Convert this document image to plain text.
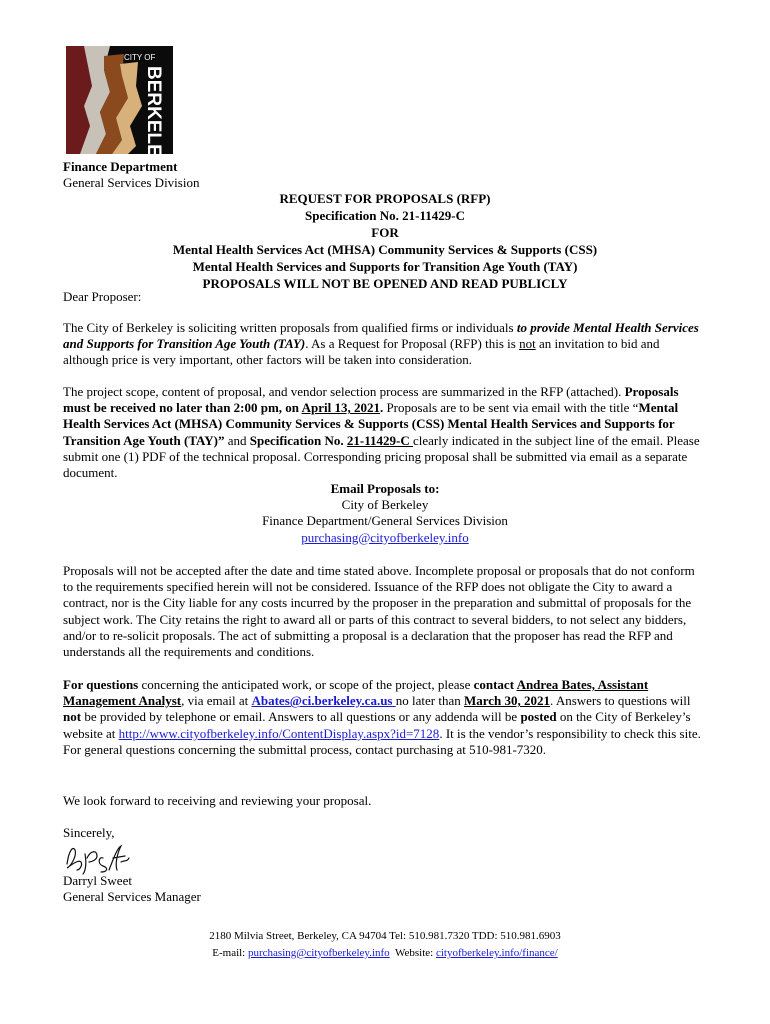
CITY OF
BERKELEY
Finance Department
General Services Division
REQUEST FOR PROPOSALS (RFP)
Specification No. 21-11429-C
FOR
Mental Health Services Act (MHSA) Community Services & Supports (CSS)
Mental Health Services and Supports for Transition Age Youth (TAY)
PROPOSALS WILL NOT BE OPENED AND READ PUBLICLY
Dear Proposer:
The City of Berkeley is soliciting written proposals from qualified firms or individuals to provide Mental Health Services and Supports for Transition Age Youth (TAY). As a Request for Proposal (RFP) this is not an invitation to bid and although price is very important, other factors will be taken into consideration.
The project scope, content of proposal, and vendor selection process are summarized in the RFP (attached). Proposals must be received no later than 2:00 pm, on April 13, 2021. Proposals are to be sent via email with the title “Mental Health Services Act (MHSA) Community Services & Supports (CSS) Mental Health Services and Supports for Transition Age Youth (TAY)” and Specification No. 21-11429-C clearly indicated in the subject line of the email. Please submit one (1) PDF of the technical proposal. Corresponding pricing proposal shall be submitted via email as a separate document.
Email Proposals to:
City of Berkeley
Finance Department/General Services Division
purchasing@cityofberkeley.info
Proposals will not be accepted after the date and time stated above. Incomplete proposal or proposals that do not conform to the requirements specified herein will not be considered. Issuance of the RFP does not obligate the City to award a contract, nor is the City liable for any costs incurred by the proposer in the preparation and submittal of proposals for the subject work. The City retains the right to award all or parts of this contract to several bidders, to not select any bidders, and/or to re-solicit proposals. The act of submitting a proposal is a declaration that the proposer has read the RFP and understands all the requirements and conditions.
For questions concerning the anticipated work, or scope of the project, please contact Andrea Bates, Assistant Management Analyst, via email at Abates@ci.berkeley.ca.us no later than March 30, 2021. Answers to questions will not be provided by telephone or email. Answers to all questions or any addenda will be posted on the City of Berkeley’s website at http://www.cityofberkeley.info/ContentDisplay.aspx?id=7128. It is the vendor’s responsibility to check this site. For general questions concerning the submittal process, contact purchasing at 510-981-7320.
We look forward to receiving and reviewing your proposal.
Sincerely,
Darryl Sweet
General Services Manager
2180 Milvia Street, Berkeley, CA 94704 Tel: 510.981.7320 TDD: 510.981.6903
E-mail: purchasing@cityofberkeley.info  Website: cityofberkeley.info/finance/
